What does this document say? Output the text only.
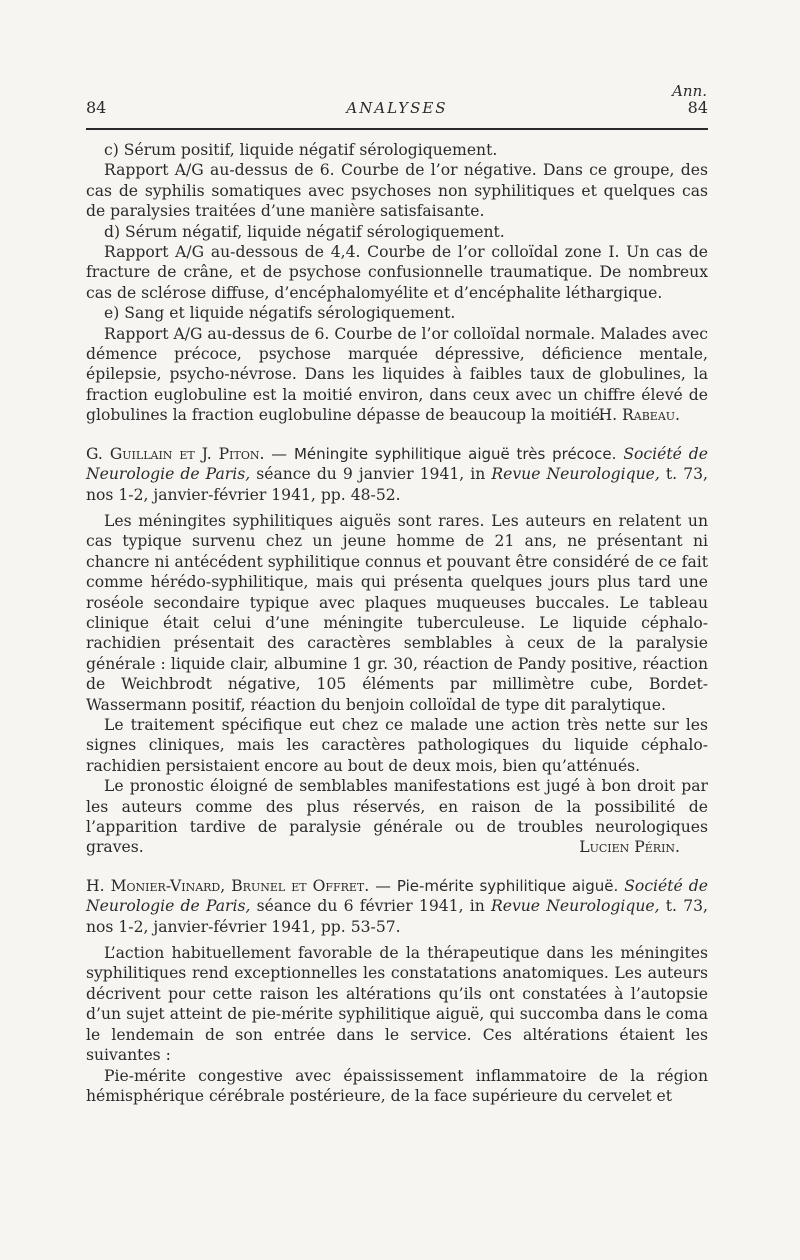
Ann.
84	ANALYSES	84

c) Sérum positif, liquide négatif sérologiquement.

Rapport A/G au-dessus de 6. Courbe de l’or négative. Dans ce groupe, des cas de syphilis somatiques avec psychoses non syphilitiques et quelques cas de paralysies traitées d’une manière satisfaisante.

d) Sérum négatif, liquide négatif sérologiquement.

Rapport A/G au-dessous de 4,4. Courbe de l’or colloïdal zone I. Un cas de fracture de crâne, et de psychose confusionnelle traumatique. De nombreux cas de sclérose diffuse, d’encéphalomyélite et d’encéphalite léthargique.

e) Sang et liquide négatifs sérologiquement.

Rapport A/G au-dessus de 6. Courbe de l’or colloïdal normale. Malades avec démence précoce, psychose marquée dépressive, déficience mentale, épilepsie, psycho-névrose. Dans les liquides à faibles taux de globulines, la fraction euglobuline est la moitié environ, dans ceux avec un chiffre élevé de globulines la fraction euglobuline dépasse de beaucoup la moitié.

H. Rabeau.

G. Guillain et J. Piton. — Méningite syphilitique aiguë très précoce. Société de Neurologie de Paris, séance du 9 janvier 1941, in Revue Neurologique, t. 73, nos 1-2, janvier-février 1941, pp. 48-52.

Les méningites syphilitiques aiguës sont rares. Les auteurs en relatent un cas typique survenu chez un jeune homme de 21 ans, ne présentant ni chancre ni antécédent syphilitique connus et pouvant être considéré de ce fait comme hérédo-syphilitique, mais qui présenta quelques jours plus tard une roséole secondaire typique avec plaques muqueuses buccales. Le tableau clinique était celui d’une méningite tuberculeuse. Le liquide céphalo-rachidien présentait des caractères semblables à ceux de la paralysie générale : liquide clair, albumine 1 gr. 30, réaction de Pandy positive, réaction de Weichbrodt négative, 105 éléments par millimètre cube, Bordet-Wassermann positif, réaction du benjoin colloïdal de type dit paralytique.

Le traitement spécifique eut chez ce malade une action très nette sur les signes cliniques, mais les caractères pathologiques du liquide céphalo-rachidien persistaient encore au bout de deux mois, bien qu’atténués.

Le pronostic éloigné de semblables manifestations est jugé à bon droit par les auteurs comme des plus réservés, en raison de la possibilité de l’apparition tardive de paralysie générale ou de troubles neurologiques graves.	Lucien Périn.

H. Monier-Vinard, Brunel et Offret. — Pie-mérite syphilitique aiguë. Société de Neurologie de Paris, séance du 6 février 1941, in Revue Neurologique, t. 73, nos 1-2, janvier-février 1941, pp. 53-57.

L’action habituellement favorable de la thérapeutique dans les méningites syphilitiques rend exceptionnelles les constatations anatomiques. Les auteurs décrivent pour cette raison les altérations qu’ils ont constatées à l’autopsie d’un sujet atteint de pie-mérite syphilitique aiguë, qui succomba dans le coma le lendemain de son entrée dans le service. Ces altérations étaient les suivantes :

Pie-mérite congestive avec épaississement inflammatoire de la région hémisphérique cérébrale postérieure, de la face supérieure du cervelet et
